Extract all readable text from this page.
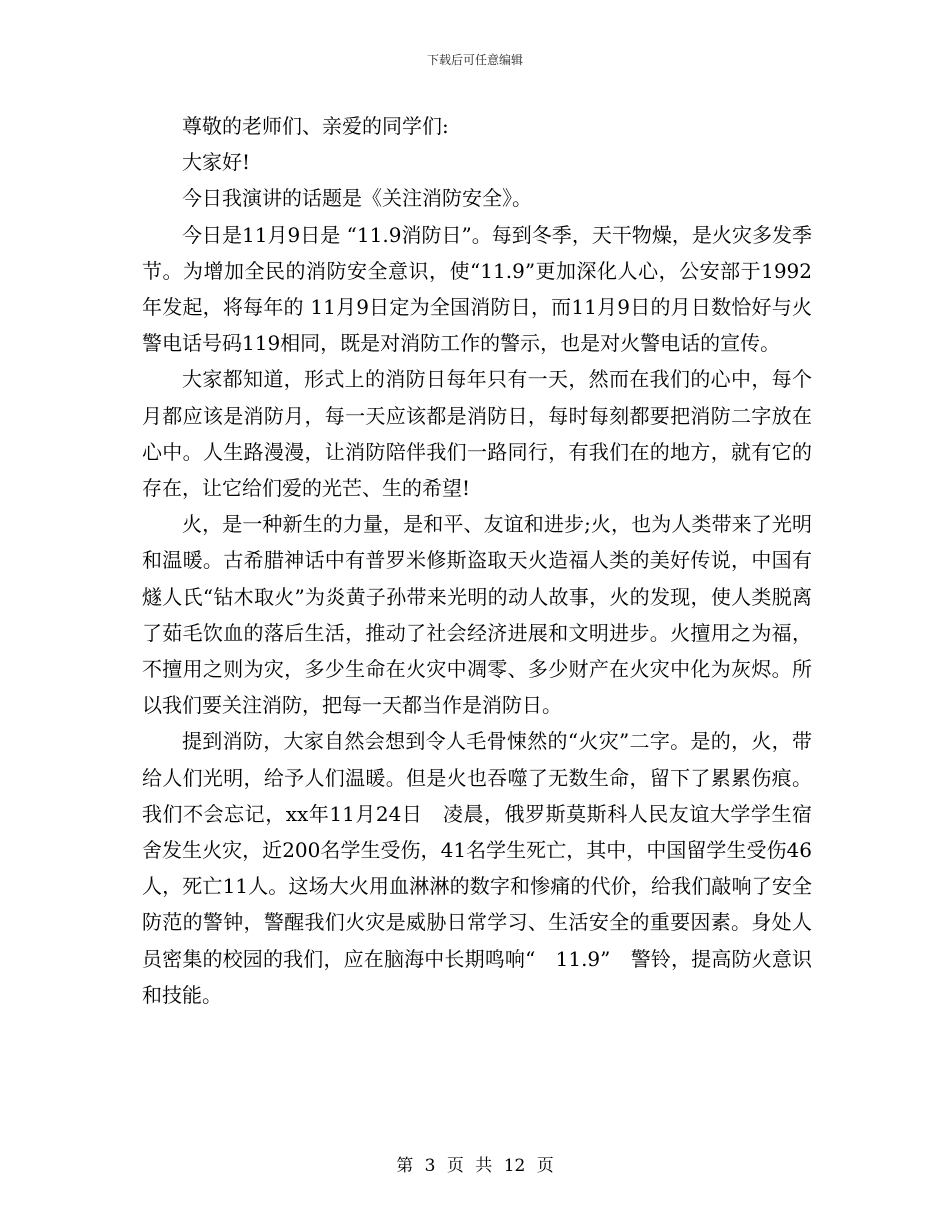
下载后可任意编辑

尊敬的老师们、亲爱的同学们:

大家好!

今日我演讲的话题是《关注消防安全》。

今日是11月9日是 “11.9消防日”。每到冬季，天干物燥，是火灾多发季节。为增加全民的消防安全意识，使“11.9”更加深化人心，公安部于1992年发起，将每年的 11月9日定为全国消防日，而11月9日的月日数恰好与火警电话号码119相同，既是对消防工作的警示，也是对火警电话的宣传。

大家都知道，形式上的消防日每年只有一天，然而在我们的心中，每个月都应该是消防月，每一天应该都是消防日，每时每刻都要把消防二字放在心中。人生路漫漫，让消防陪伴我们一路同行，有我们在的地方，就有它的存在，让它给们爱的光芒、生的希望!

火，是一种新生的力量，是和平、友谊和进步;火，也为人类带来了光明和温暖。古希腊神话中有普罗米修斯盗取天火造福人类的美好传说，中国有燧人氏“钻木取火”为炎黄子孙带来光明的动人故事，火的发现，使人类脱离了茹毛饮血的落后生活，推动了社会经济进展和文明进步。火擅用之为福，不擅用之则为灾，多少生命在火灾中凋零、多少财产在火灾中化为灰烬。所以我们要关注消防，把每一天都当作是消防日。

提到消防，大家自然会想到令人毛骨悚然的“火灾”二字。是的，火，带给人们光明，给予人们温暖。但是火也吞噬了无数生命，留下了累累伤痕。我们不会忘记，xx年11月24日　凌晨，俄罗斯莫斯科人民友谊大学学生宿舍发生火灾，近200名学生受伤，41名学生死亡，其中，中国留学生受伤46人，死亡11人。这场大火用血淋淋的数字和惨痛的代价，给我们敲响了安全防范的警钟，警醒我们火灾是威胁日常学习、生活安全的重要因素。身处人员密集的校园的我们，应在脑海中长期鸣响“　11.9”　警铃，提高防火意识和技能。

第 3 页 共 12 页
